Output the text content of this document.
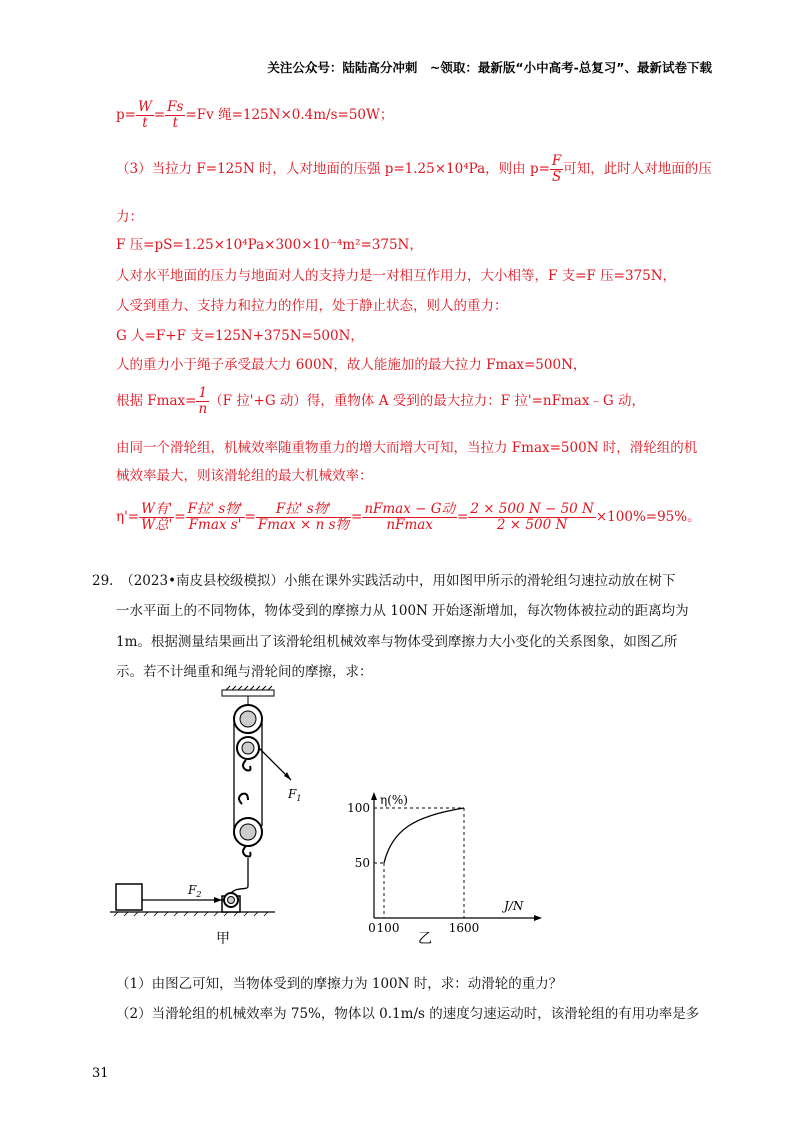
关注公众号：陆陆高分冲刺　~领取：最新版“小中高考-总复习”、最新试卷下载
$p= \frac{W}{t} = \frac{Fs}{t} =Fv$ 绳=125N×0.4m/s=50W；
（3）当拉力 F=125N 时，人对地面的压强 p=1.25×10⁴Pa，则由 $p= \frac{F}{S}$ 可知，此时人对地面的压
力：
F 压=pS=1.25×10⁴Pa×300×10⁻⁴m²=375N，
人对水平地面的压力与地面对人的支持力是一对相互作用力，大小相等，F 支=F 压=375N，
人受到重力、支持力和拉力的作用，处于静止状态，则人的重力：
G 人=F+F 支=125N+375N=500N，
人的重力小于绳子承受最大力 600N，故人能施加的最大拉力 Fmax=500N，
根据 $Fmax= \frac{1}{n} (F$ 拉'+G 动）得，重物体 A 受到的最大拉力：F 拉'=nFmax﹣G 动，
由同一个滑轮组，机械效率随重物重力的增大而增大可知，当拉力 Fmax=500N 时，滑轮组的机
械效率最大，则该滑轮组的最大机械效率：
$\eta'= \frac{\text{W有'}}{\text{W总'}} = \frac{\text{F拉' s物'}}{\text{Fmax s'}} = \frac{\text{F拉' s物'}}{\text{Fmax × n s物}} = \frac{\text{nFmax − G动}}{nFmax} = \frac{2 \times 500 N - 50 N}{2 \times 500 N} \times 100\%=95\%$。
29.　（2023•南皮县校级模拟）小熊在课外实践活动中，用如图甲所示的滑轮组匀速拉动放在树下
一水平面上的不同物体，物体受到的摩擦力从 100N 开始逐渐增加，每次物体被拉动的距离均为
1m。根据测量结果画出了该滑轮组机械效率与物体受到摩擦力大小变化的关系图象，如图乙所
示。若不计绳重和绳与滑轮间的摩擦，求：
$F_1$
$F_2$
甲
η(%)
J/N
100
50
0 100	1600
乙
（1）由图乙可知，当物体受到的摩擦力为 100N 时，求：动滑轮的重力？
（2）当滑轮组的机械效率为 75%，物体以 0.1m/s 的速度匀速运动时，该滑轮组的有用功率是多
31
